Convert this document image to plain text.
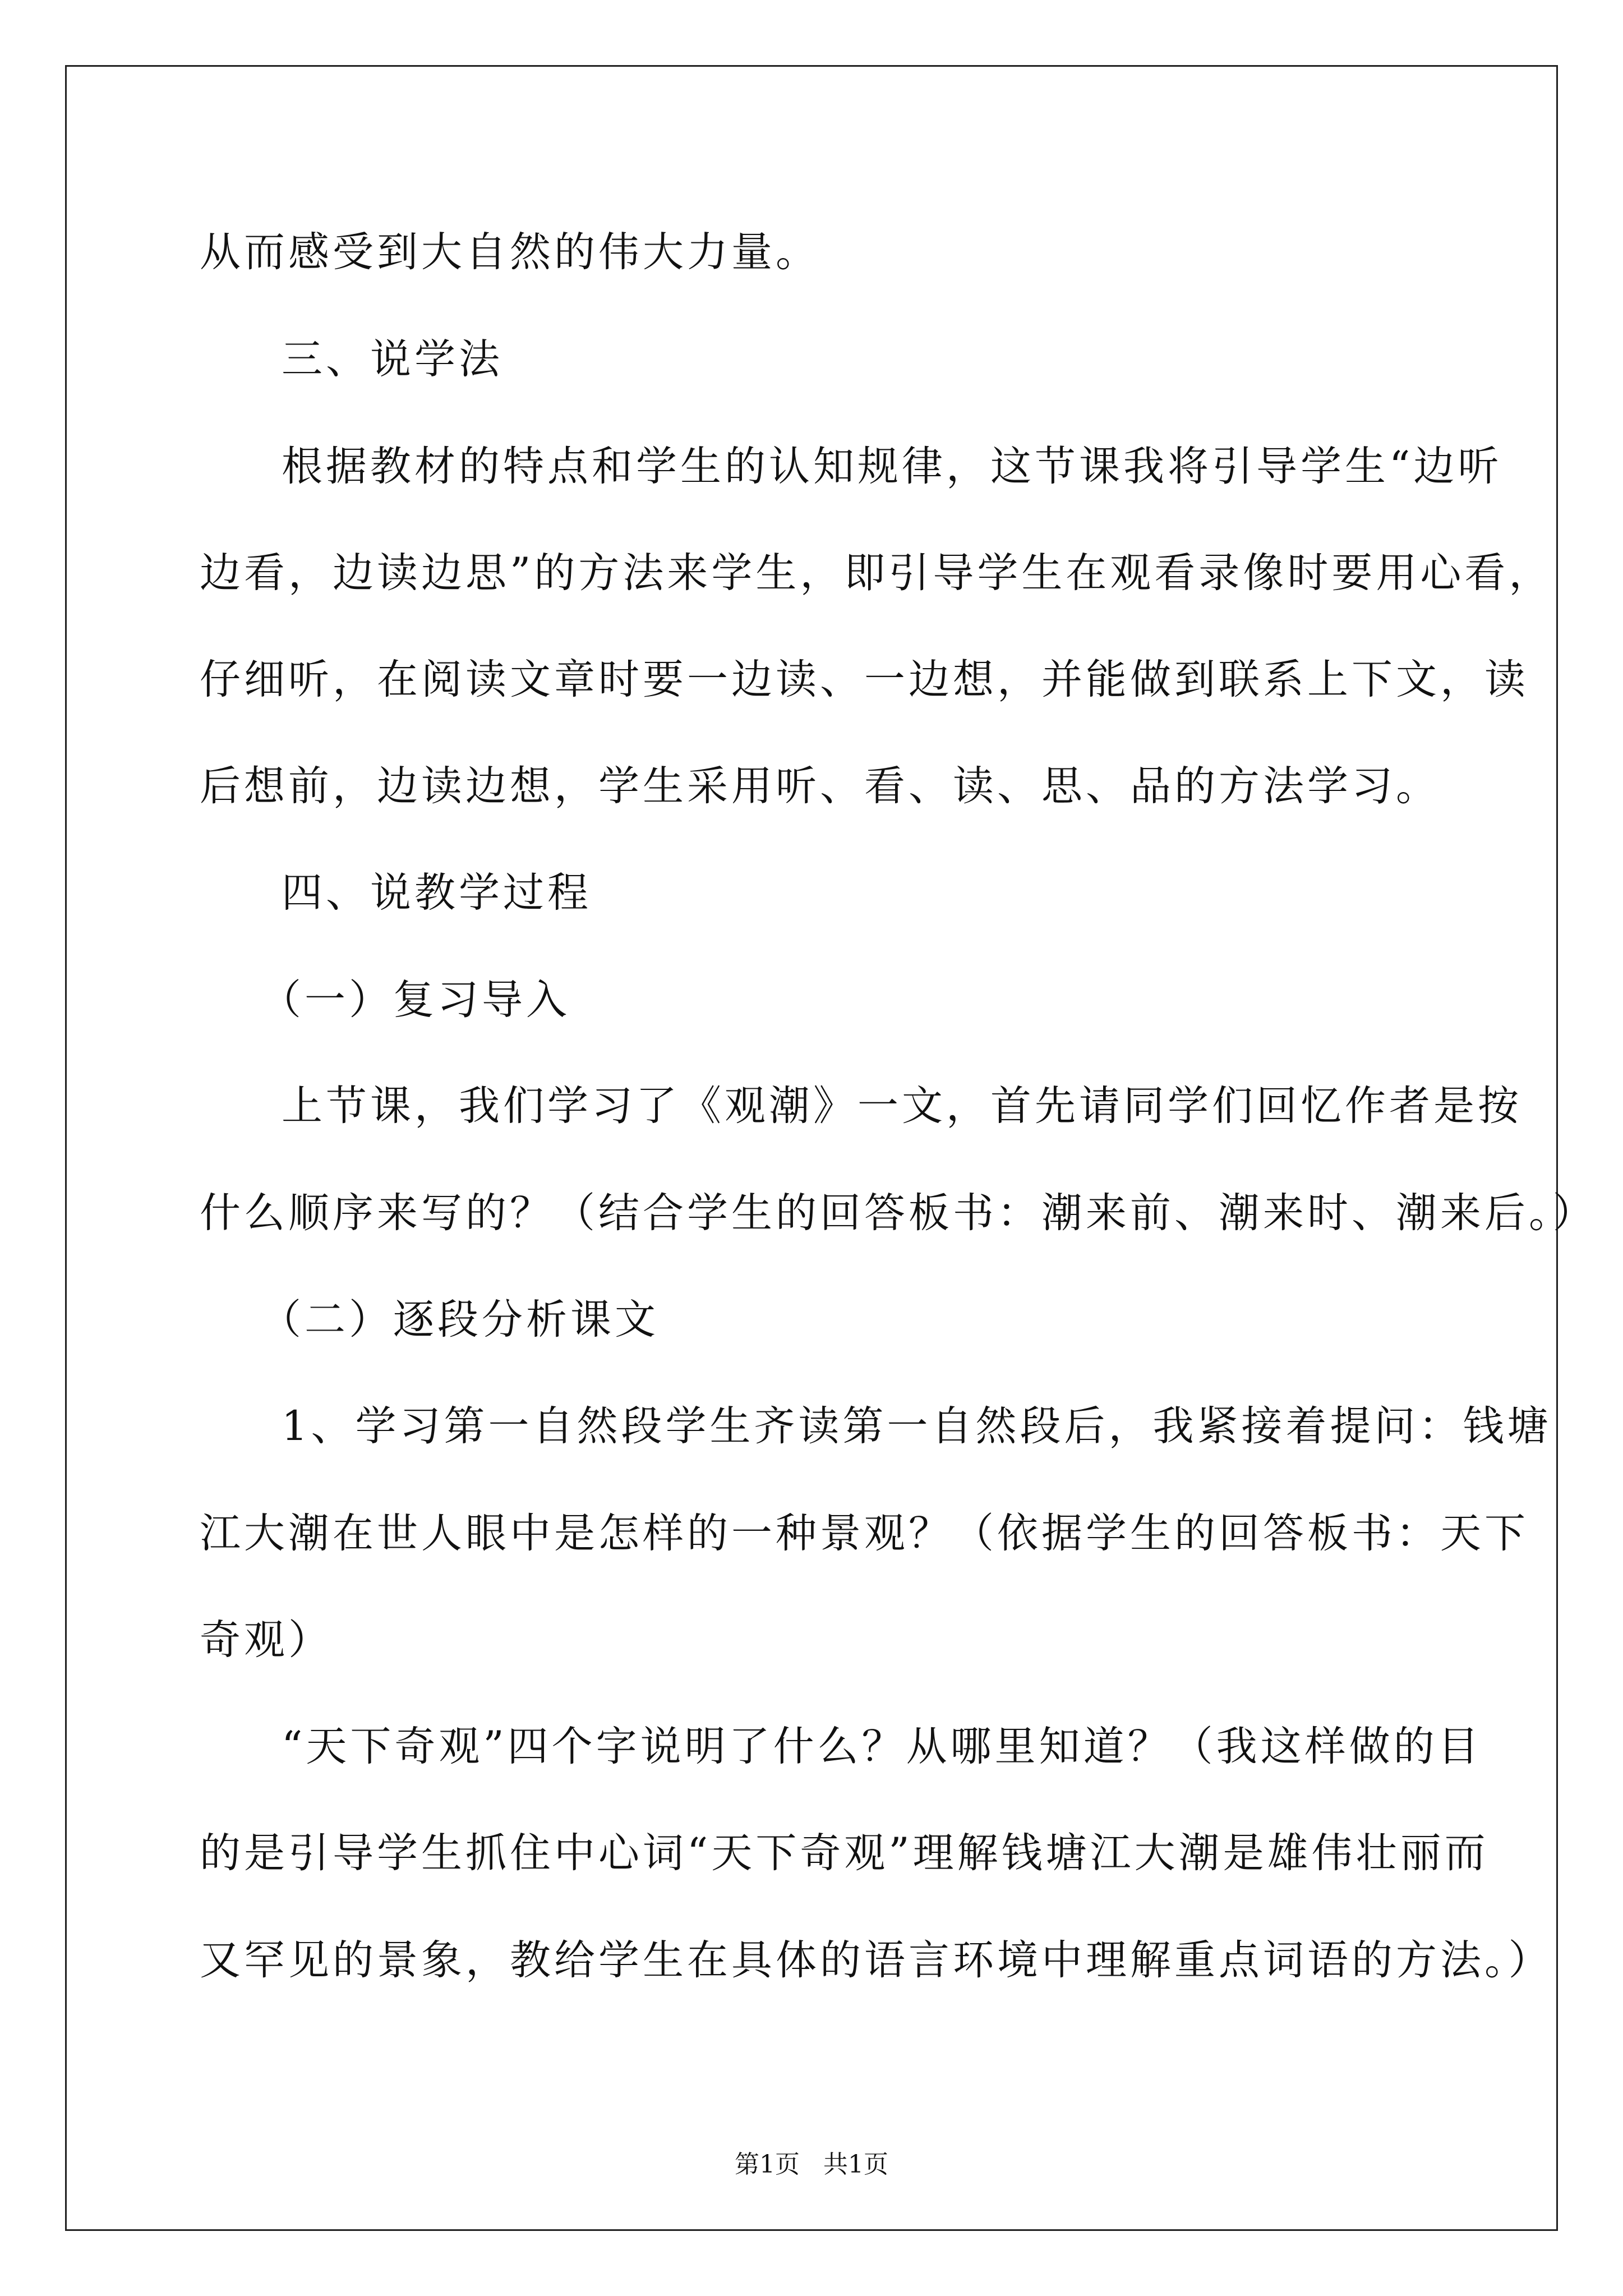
从而感受到大自然的伟大力量。
三、说学法
根据教材的特点和学生的认知规律，这节课我将引导学生“边听
边看，边读边思”的方法来学生，即引导学生在观看录像时要用心看，
仔细听，在阅读文章时要一边读、一边想，并能做到联系上下文，读
后想前，边读边想，学生采用听、看、读、思、品的方法学习。
四、说教学过程
（一）复习导入
上节课，我们学习了《观潮》一文，首先请同学们回忆作者是按
什么顺序来写的？（结合学生的回答板书：潮来前、潮来时、潮来后。）
（二）逐段分析课文
1、学习第一自然段学生齐读第一自然段后，我紧接着提问：钱塘
江大潮在世人眼中是怎样的一种景观？（依据学生的回答板书：天下
奇观）
“天下奇观”四个字说明了什么？从哪里知道？（我这样做的目
的是引导学生抓住中心词“天下奇观”理解钱塘江大潮是雄伟壮丽而
又罕见的景象，教给学生在具体的语言环境中理解重点词语的方法。）
第1页   共1页
